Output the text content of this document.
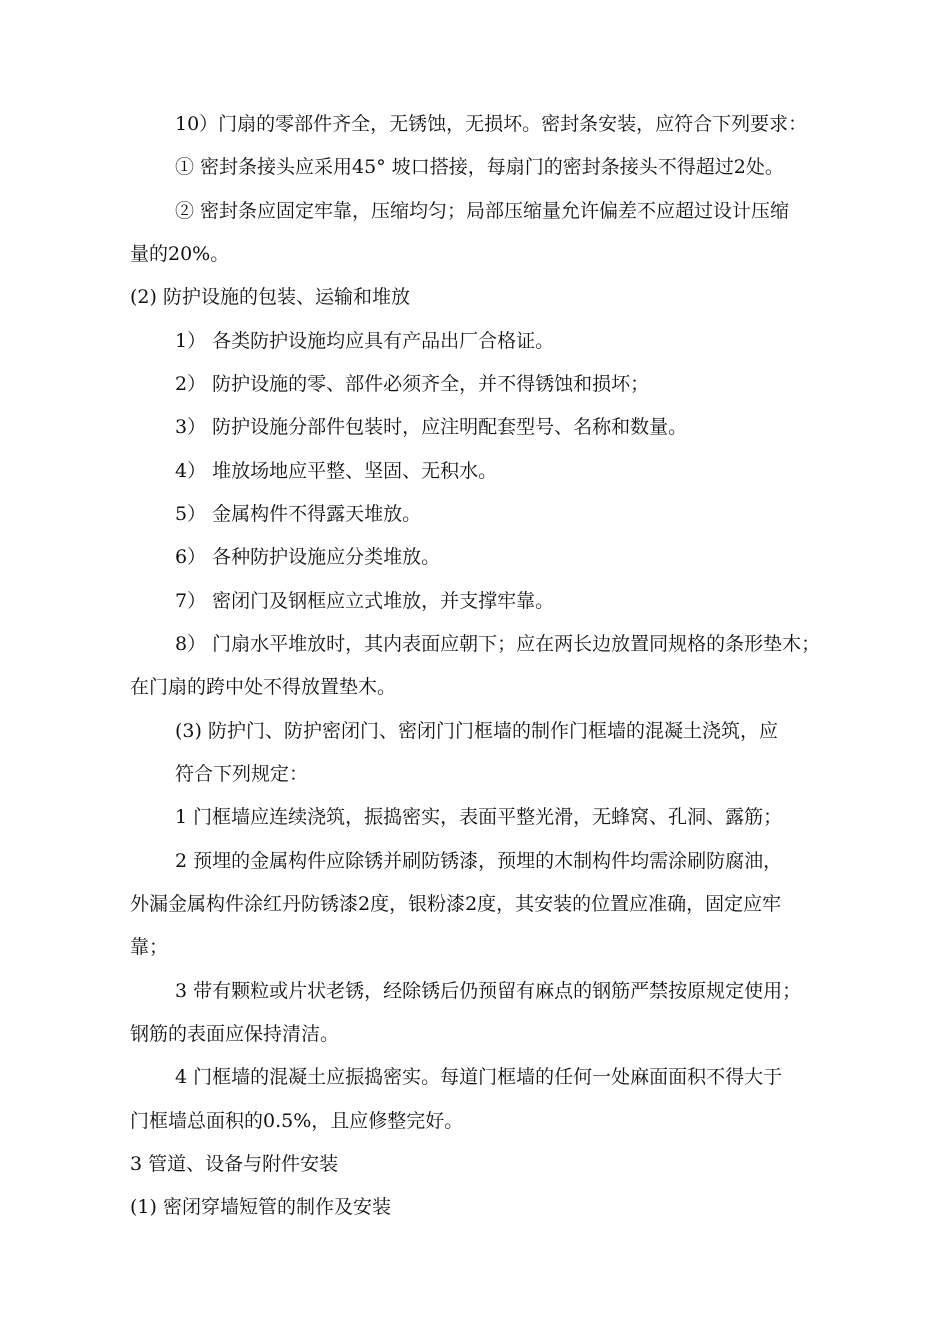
10）门扇的零部件齐全，无锈蚀，无损坏。密封条安装，应符合下列要求：
① 密封条接头应采用45° 坡口搭接，每扇门的密封条接头不得超过2处。
② 密封条应固定牢靠，压缩均匀；局部压缩量允许偏差不应超过设计压缩
量的20%。
(2) 防护设施的包装、运输和堆放
1） 各类防护设施均应具有产品出厂合格证。
2） 防护设施的零、部件必须齐全，并不得锈蚀和损坏；
3） 防护设施分部件包装时，应注明配套型号、名称和数量。
4） 堆放场地应平整、坚固、无积水。
5） 金属构件不得露天堆放。
6） 各种防护设施应分类堆放。
7） 密闭门及钢框应立式堆放，并支撑牢靠。
8） 门扇水平堆放时，其内表面应朝下；应在两长边放置同规格的条形垫木；
在门扇的跨中处不得放置垫木。
(3) 防护门、防护密闭门、密闭门门框墙的制作门框墙的混凝土浇筑，应
符合下列规定：
1 门框墙应连续浇筑，振捣密实，表面平整光滑，无蜂窝、孔洞、露筋；
2 预埋的金属构件应除锈并刷防锈漆，预埋的木制构件均需涂刷防腐油，
外漏金属构件涂红丹防锈漆2度，银粉漆2度，其安装的位置应准确，固定应牢
靠；
3 带有颗粒或片状老锈，经除锈后仍预留有麻点的钢筋严禁按原规定使用；
钢筋的表面应保持清洁。
4 门框墙的混凝土应振捣密实。每道门框墙的任何一处麻面面积不得大于
门框墙总面积的0.5%，且应修整完好。
3 管道、设备与附件安装
(1) 密闭穿墙短管的制作及安装
